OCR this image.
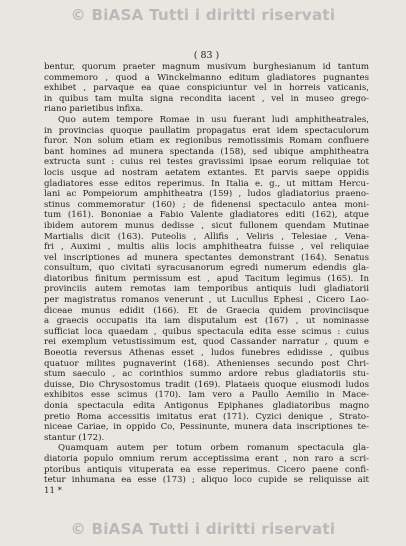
© BiASA Tutti i diritti riservati
( 83 )
bentur, quorum praeter magnum musivum burghesianum id tantum
commemoro , quod a Winckelmanno editum gladiatores pugnantes
exhibet , parvaque ea quae conspiciuntur vel in horreis vaticanis,
in quibus tam multa signa recondita iacent , vel in museo grego-
riano parietibus infixa.
Quo autem tempore Romae in usu fuerant ludi amphitheatrales,
in provincias quoque paullatim propagatus erat idem spectaculorum
furor. Non solum etiam ex regionibus remotissimis Romam confluere
bant homines ad munera spectanda (158), sed ubique amphitheatra
extructa sunt : cuius rei testes gravissimi ipsae eorum reliquiae tot
locis usque ad nostram aetatem extantes. Et parvis saepe oppidis
gladiatores esse editos reperimus. In Italia e. g., ut mittam Hercu-
lani ac Pompeiorum amphitheatra (159) , ludos gladiatorius praeno-
stinus commemoratur (160) ; de fidenensi spectaculo antea moni-
tum (161). Bononiae a Fabio Valente gladiatores editi (162), atque
ibidem autorem munus dedisse , sicut fullonem quendam Mutinae
Martialis dicit (163). Puteolis , Allifis , Veliris , Telesiae , Vena-
fri , Auximi , multis aliis locis amphitheatra fuisse , vel reliquiae
vel inscriptiones ad munera spectantes demonstrant (164). Senatus
consultum, quo civitati syracusanorum egredi numerum edendis gla-
diatoribus finitum permissum est , apud Tacitum legimus (165). In
provinciis autem remotas iam temporibus antiquis ludi gladiatorii
per magistratus romanos venerunt , ut Lucullus Ephesi , Cicero Lao-
diceae munus edidit (166). Et de Graecia quidem provinciisque
a graecis occupatis ita iam disputalum est (167) , ut nominasse
sufficiat loca quaedam , quibus spectacula edita esse scimus : cuius
rei exemplum vetustissimum est, quod Cassander narratur , quum e
Boeotia reversus Athenas esset , ludos funebres edidisse , quibus
quatuor milites pugnaverint (168). Athenienses secundo post Chri-
stum saeculo , ac corinthios summo ardore rebus gladiatoriis stu-
duisse, Dio Chrysostomus tradit (169). Plataeis quoque eiusmodi ludos
exhibitos esse scimus (170). Iam vero a Paullo Aemilio in Mace-
donia spectacula edita Antigonus Epiphanes gladiatoribus magno
pretio Roma accessitis imitatus erat (171). Cyzici denique , Strato-
niceae Cariae, in oppido Co, Pessinunte, munera data inscriptiones te-
stantur (172).
Quamquam autem per totum orbem romanum spectacula gla-
diatoria populo omnium rerum acceptissima erant , non raro a scri-
ptoribus antiquis vituperata ea esse reperimus. Cicero paene confi-
tetur inhumana ea esse (173) ; aliquo loco cupide se reliquisse ait
11 *
© BiASA Tutti i diritti riservati
